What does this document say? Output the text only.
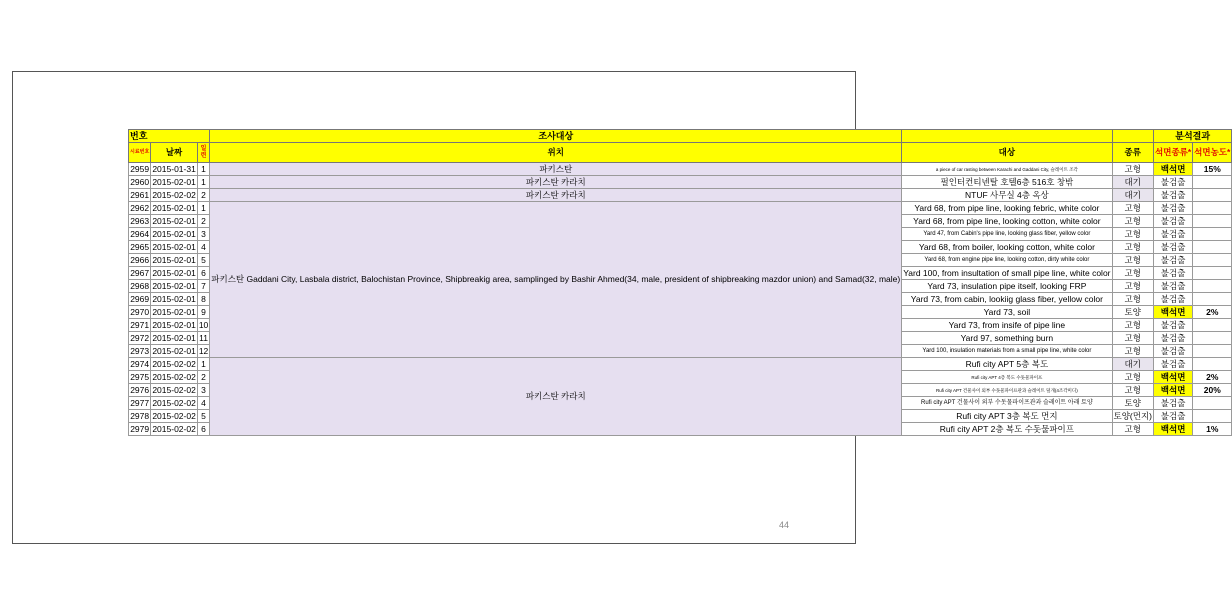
번호			조사대상			분석결과	
시료번호	날짜	일련	위치	대상	종류	석면종류*	석면농도*
2959	2015-01-31	1	파키스탄	a piece of car rasting between Karachi and Gaddani City, 슬레이트 조각	고형	백석면	15%
2960	2015-02-01	1	파키스탄 카라치	펄인터컨티넨탈 호텔6층 516호 창밖	대기	불검출	
2961	2015-02-02	2	파키스탄 카라치	NTUF 사무실 4층 옥상	대기	불검출	
2962	2015-02-01	1	파키스탄 Gaddani City, Lasbala district, Balochistan Province, Shipbreakig area, samplinged by Bashir Ahmed(34, male, president of shipbreaking mazdor union) and Samad(32, male)	Yard 68, from pipe line, looking febric, white color	고형	불검출	
2963	2015-02-01	2		Yard 68, from pipe line, looking cotton, white color	고형	불검출	
2964	2015-02-01	3		Yard 47, from Cabin's pipe line, looking glass fiber, yellow color	고형	불검출	
2965	2015-02-01	4		Yard 68, from boiler, looking cotton, white color	고형	불검출	
2966	2015-02-01	5		Yard 68, from engine pipe line, looking cotton, dirty white color	고형	불검출	
2967	2015-02-01	6		Yard 100, from insultation of small pipe line, white color	고형	불검출	
2968	2015-02-01	7		Yard 73, insulation pipe itself, looking FRP	고형	불검출	
2969	2015-02-01	8		Yard 73, from cabin, lookiig glass fiber, yellow color	고형	불검출	
2970	2015-02-01	9		Yard 73, soil	토양	백석면	2%
2971	2015-02-01	10		Yard 73, from insife of pipe line	고형	불검출	
2972	2015-02-01	11		Yard 97, something burn	고형	불검출	
2973	2015-02-01	12		Yard 100, insulation materials from a small pipe line, white color	고형	불검출	
2974	2015-02-02	1	파키스탄 카라치	Rufi city APT 5층 복도	대기	불검출	
2975	2015-02-02	2		Rufi city APT 4층 복도 수돗물파이프	고형	백석면	2%
2976	2015-02-02	3		Rufi city APT 건물사이 외부 수돗물파이프관과 슬레이트 덮개(4조각미디)	고형	백석면	20%
2977	2015-02-02	4		Rufi city APT 건물사이 외부 수돗물파이프관과 슬레이트 아래 토양	토양	불검출	
2978	2015-02-02	5		Rufi city APT 3층 복도 먼지	토양(먼지)	불검출	
2979	2015-02-02	6		Rufi city APT 2층 복도 수돗물파이프	고형	백석면	1%
44
